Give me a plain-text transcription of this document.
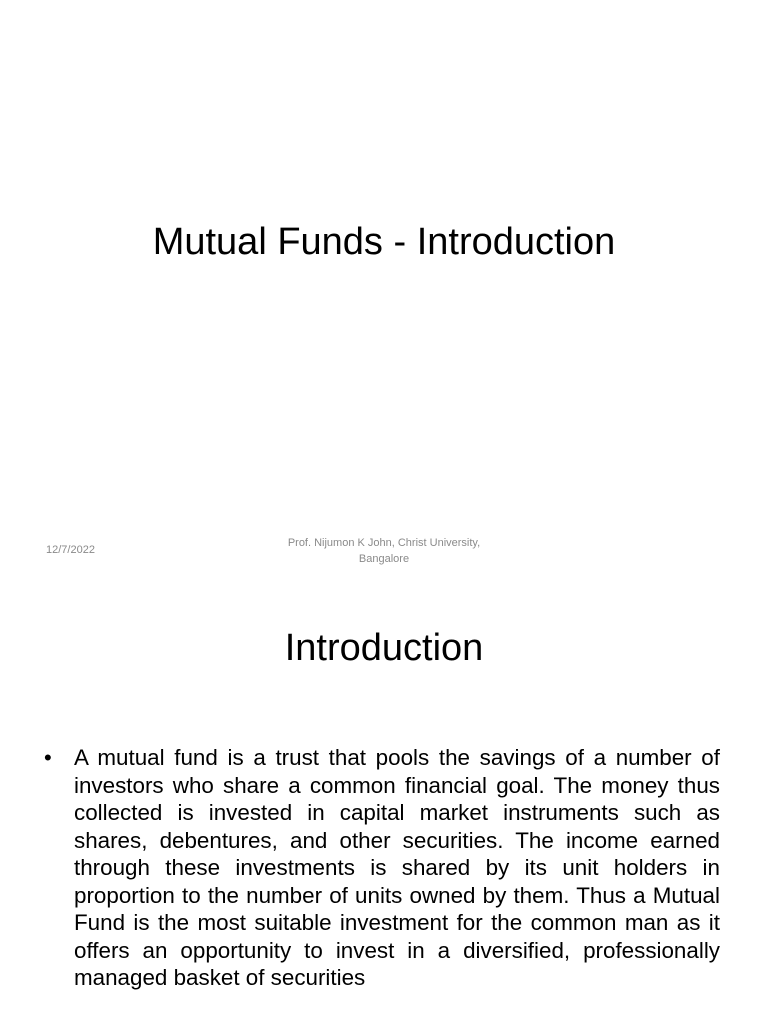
Mutual Funds - Introduction
12/7/2022
Prof. Nijumon K John, Christ University,
Bangalore
Introduction
• A mutual fund is a trust that pools the savings of a number of investors who share a common financial goal. The money thus collected is invested in capital market instruments such as shares, debentures, and other securities. The income earned through these investments is shared by its unit holders in proportion to the number of units owned by them. Thus a Mutual Fund is the most suitable investment for the common man as it offers an opportunity to invest in a diversified, professionally managed basket of securities
